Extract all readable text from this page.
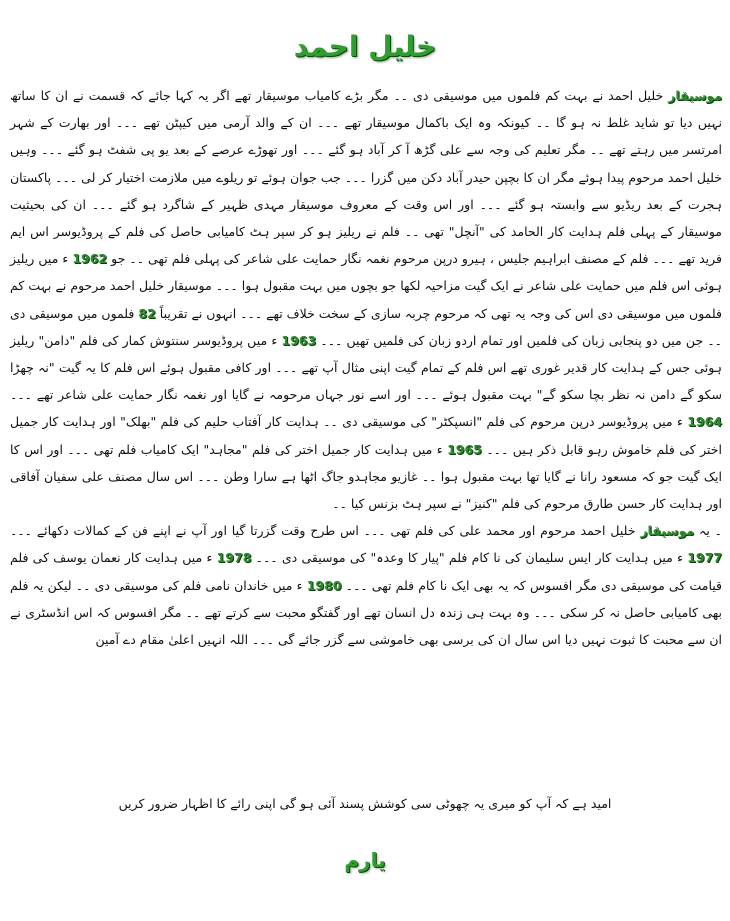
خلیل احمد

موسیقار خلیل احمد نے بہت کم فلموں میں موسیقی دی ۔۔ مگر بڑے کامیاب موسیقار تھے اگر یہ کہا جائے کہ قسمت نے ان کا ساتھ نہیں دیا تو شاید غلط نہ ہو گا ۔۔ کیونکہ وہ ایک باکمال موسیقار تھے ۔۔۔ ان کے والد آرمی میں کیپٹن تھے ۔۔۔ اور بھارت کے شہر امرتسر میں رہتے تھے ۔۔ مگر تعلیم کی وجہ سے علی گڑھ آ کر آباد ہو گئے ۔۔۔ اور تھوڑے عرصے کے بعد یو پی شفٹ ہو گئے ۔۔۔ وہیں خلیل احمد مرحوم پیدا ہوئے مگر ان کا بچپن حیدر آباد دکن میں گزرا ۔۔۔ جب جوان ہوئے تو ریلوے میں ملازمت اختیار کر لی ۔۔۔ پاکستان ہجرت کے بعد ریڈیو سے وابستہ ہو گئے ۔۔۔ اور اس وقت کے معروف موسیقار مہدی ظہیر کے شاگرد ہو گئے ۔۔۔ ان کی بحیثیت موسیقار کے پہلی فلم ہدایت کار الحامد کی "آنچل" تھی ۔۔ فلم نے ریلیز ہو کر سپر ہٹ کامیابی حاصل کی فلم کے پروڈیوسر اس ایم فرید تھے ۔۔۔ فلم کے مصنف ابراہیم جلیس ، ہیرو درپن مرحوم نغمہ نگار حمایت علی شاعر کی پہلی فلم تھی ۔۔ جو 1962 ء میں ریلیز ہوئی اس فلم میں حمایت علی شاعر نے ایک گیت مزاحیہ لکھا جو بچوں میں بہت مقبول ہوا ۔۔۔ موسیقار خلیل احمد مرحوم نے بہت کم فلموں میں موسیقی دی اس کی وجہ یہ تھی کہ مرحوم چربہ سازی کے سخت خلاف تھے ۔۔۔ انہوں نے تقریباً 82 فلموں میں موسیقی دی ۔۔ جن میں دو پنجابی زبان کی فلمیں اور تمام اردو زبان کی فلمیں تھیں ۔۔۔ 1963 ء میں پروڈیوسر سنتوش کمار کی فلم "دامن" ریلیز ہوئی جس کے ہدایت کار قدیر غوری تھے اس فلم کے تمام گیت اپنی مثال آپ تھے ۔۔۔ اور کافی مقبول ہوئے اس فلم کا یہ گیت "نہ چھڑا سکو گے دامن نہ نظر بچا سکو گے" بہت مقبول ہوئے ۔۔۔ اور اسے نور جہاں مرحومہ نے گایا اور نغمہ نگار حمایت علی شاعر تھے ۔۔۔ 1964 ء میں پروڈیوسر درپن مرحوم کی فلم "انسپکٹر" کی موسیقی دی ۔۔ ہدایت کار آفتاب حلیم کی فلم "بھلک" اور ہدایت کار جمیل اختر کی فلم خاموش رہو قابل ذکر ہیں ۔۔۔ 1965 ء میں ہدایت کار جمیل اختر کی فلم "مجاہد" ایک کامیاب فلم تھی ۔۔۔ اور اس کا ایک گیت جو کہ مسعود رانا نے گایا تھا بہت مقبول ہوا ۔۔ غازیو مجاہدو جاگ اٹھا ہے سارا وطن ۔۔۔ اس سال مصنف علی سفیان آفاقی اور ہدایت کار حسن طارق مرحوم کی فلم "کنیز" نے سپر ہٹ بزنس کیا ۔۔

۔ یہ موسیقار خلیل احمد مرحوم اور محمد علی کی فلم تھی ۔۔۔ اس طرح وقت گزرتا گیا اور آپ نے اپنے فن کے کمالات دکھائے ۔۔۔ 1977 ء میں ہدایت کار ایس سلیمان کی نا کام فلم "پیار کا وعدہ" کی موسیقی دی ۔۔۔ 1978 ء میں ہدایت کار نعمان یوسف کی فلم قیامت کی موسیقی دی مگر افسوس کہ یہ بھی ایک نا کام فلم تھی ۔۔۔ 1980 ء میں خاندان نامی فلم کی موسیقی دی ۔۔ لیکن یہ فلم بھی کامیابی حاصل نہ کر سکی ۔۔۔ وہ بہت ہی زندہ دل انسان تھے اور گفتگو محبت سے کرتے تھے ۔۔ مگر افسوس کہ اس انڈسٹری نے ان سے محبت کا ثبوت نہیں دیا اس سال ان کی برسی بھی خاموشی سے گزر جائے گی ۔۔۔ اللہ انہیں اعلیٰ مقام دے آمین

امید ہے کہ آپ کو میری یہ چھوٹی سی کوشش پسند آئی ہو گی اپنی رائے کا اظہار ضرور کریں
یارم
